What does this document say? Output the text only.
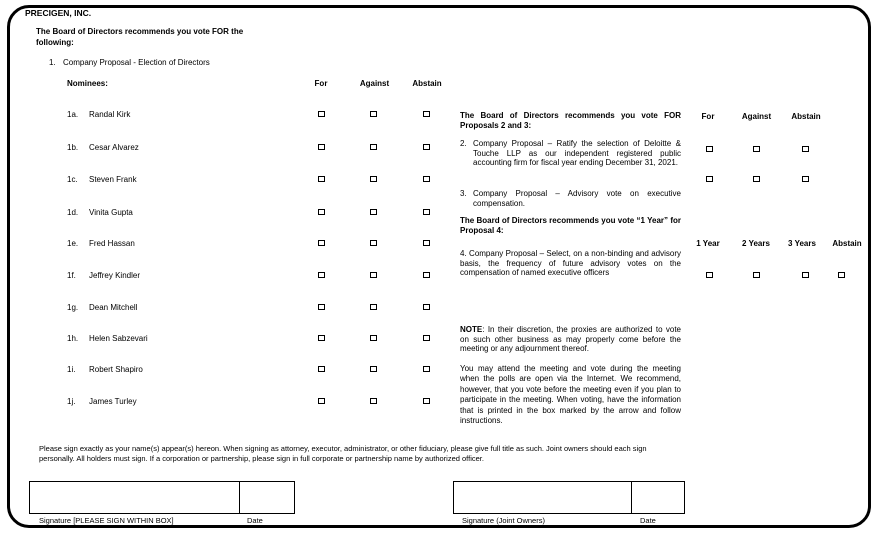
PRECIGEN, INC.
The Board of Directors recommends you vote FOR the following:
1. Company Proposal - Election of Directors
Nominees:	For	Against	Abstain
1a. Randal Kirk
1b. Cesar Alvarez
1c. Steven Frank
1d. Vinita Gupta
1e. Fred Hassan
1f. Jeffrey Kindler
1g. Dean Mitchell
1h. Helen Sabzevari
1i. Robert Shapiro
1j. James Turley
The Board of Directors recommends you vote FOR Proposals 2 and 3:
For	Against	Abstain
2. Company Proposal – Ratify the selection of Deloitte & Touche LLP as our independent registered public accounting firm for fiscal year ending December 31, 2021.
3. Company Proposal – Advisory vote on executive compensation.
The Board of Directors recommends you vote “1 Year” for Proposal 4:
1 Year	2 Years	3 Years	Abstain
4. Company Proposal – Select, on a non-binding and advisory basis, the frequency of future advisory votes on the compensation of named executive officers
NOTE: In their discretion, the proxies are authorized to vote on such other business as may properly come before the meeting or any adjournment thereof.
You may attend the meeting and vote during the meeting when the polls are open via the Internet. We recommend, however, that you vote before the meeting even if you plan to participate in the meeting. When voting, have the information that is printed in the box marked by the arrow and follow instructions.
Please sign exactly as your name(s) appear(s) hereon. When signing as attorney, executor, administrator, or other fiduciary, please give full title as such. Joint owners should each sign personally. All holders must sign. If a corporation or partnership, please sign in full corporate or partnership name by authorized officer.
Signature [PLEASE SIGN WITHIN BOX]	Date	Signature (Joint Owners)	Date
